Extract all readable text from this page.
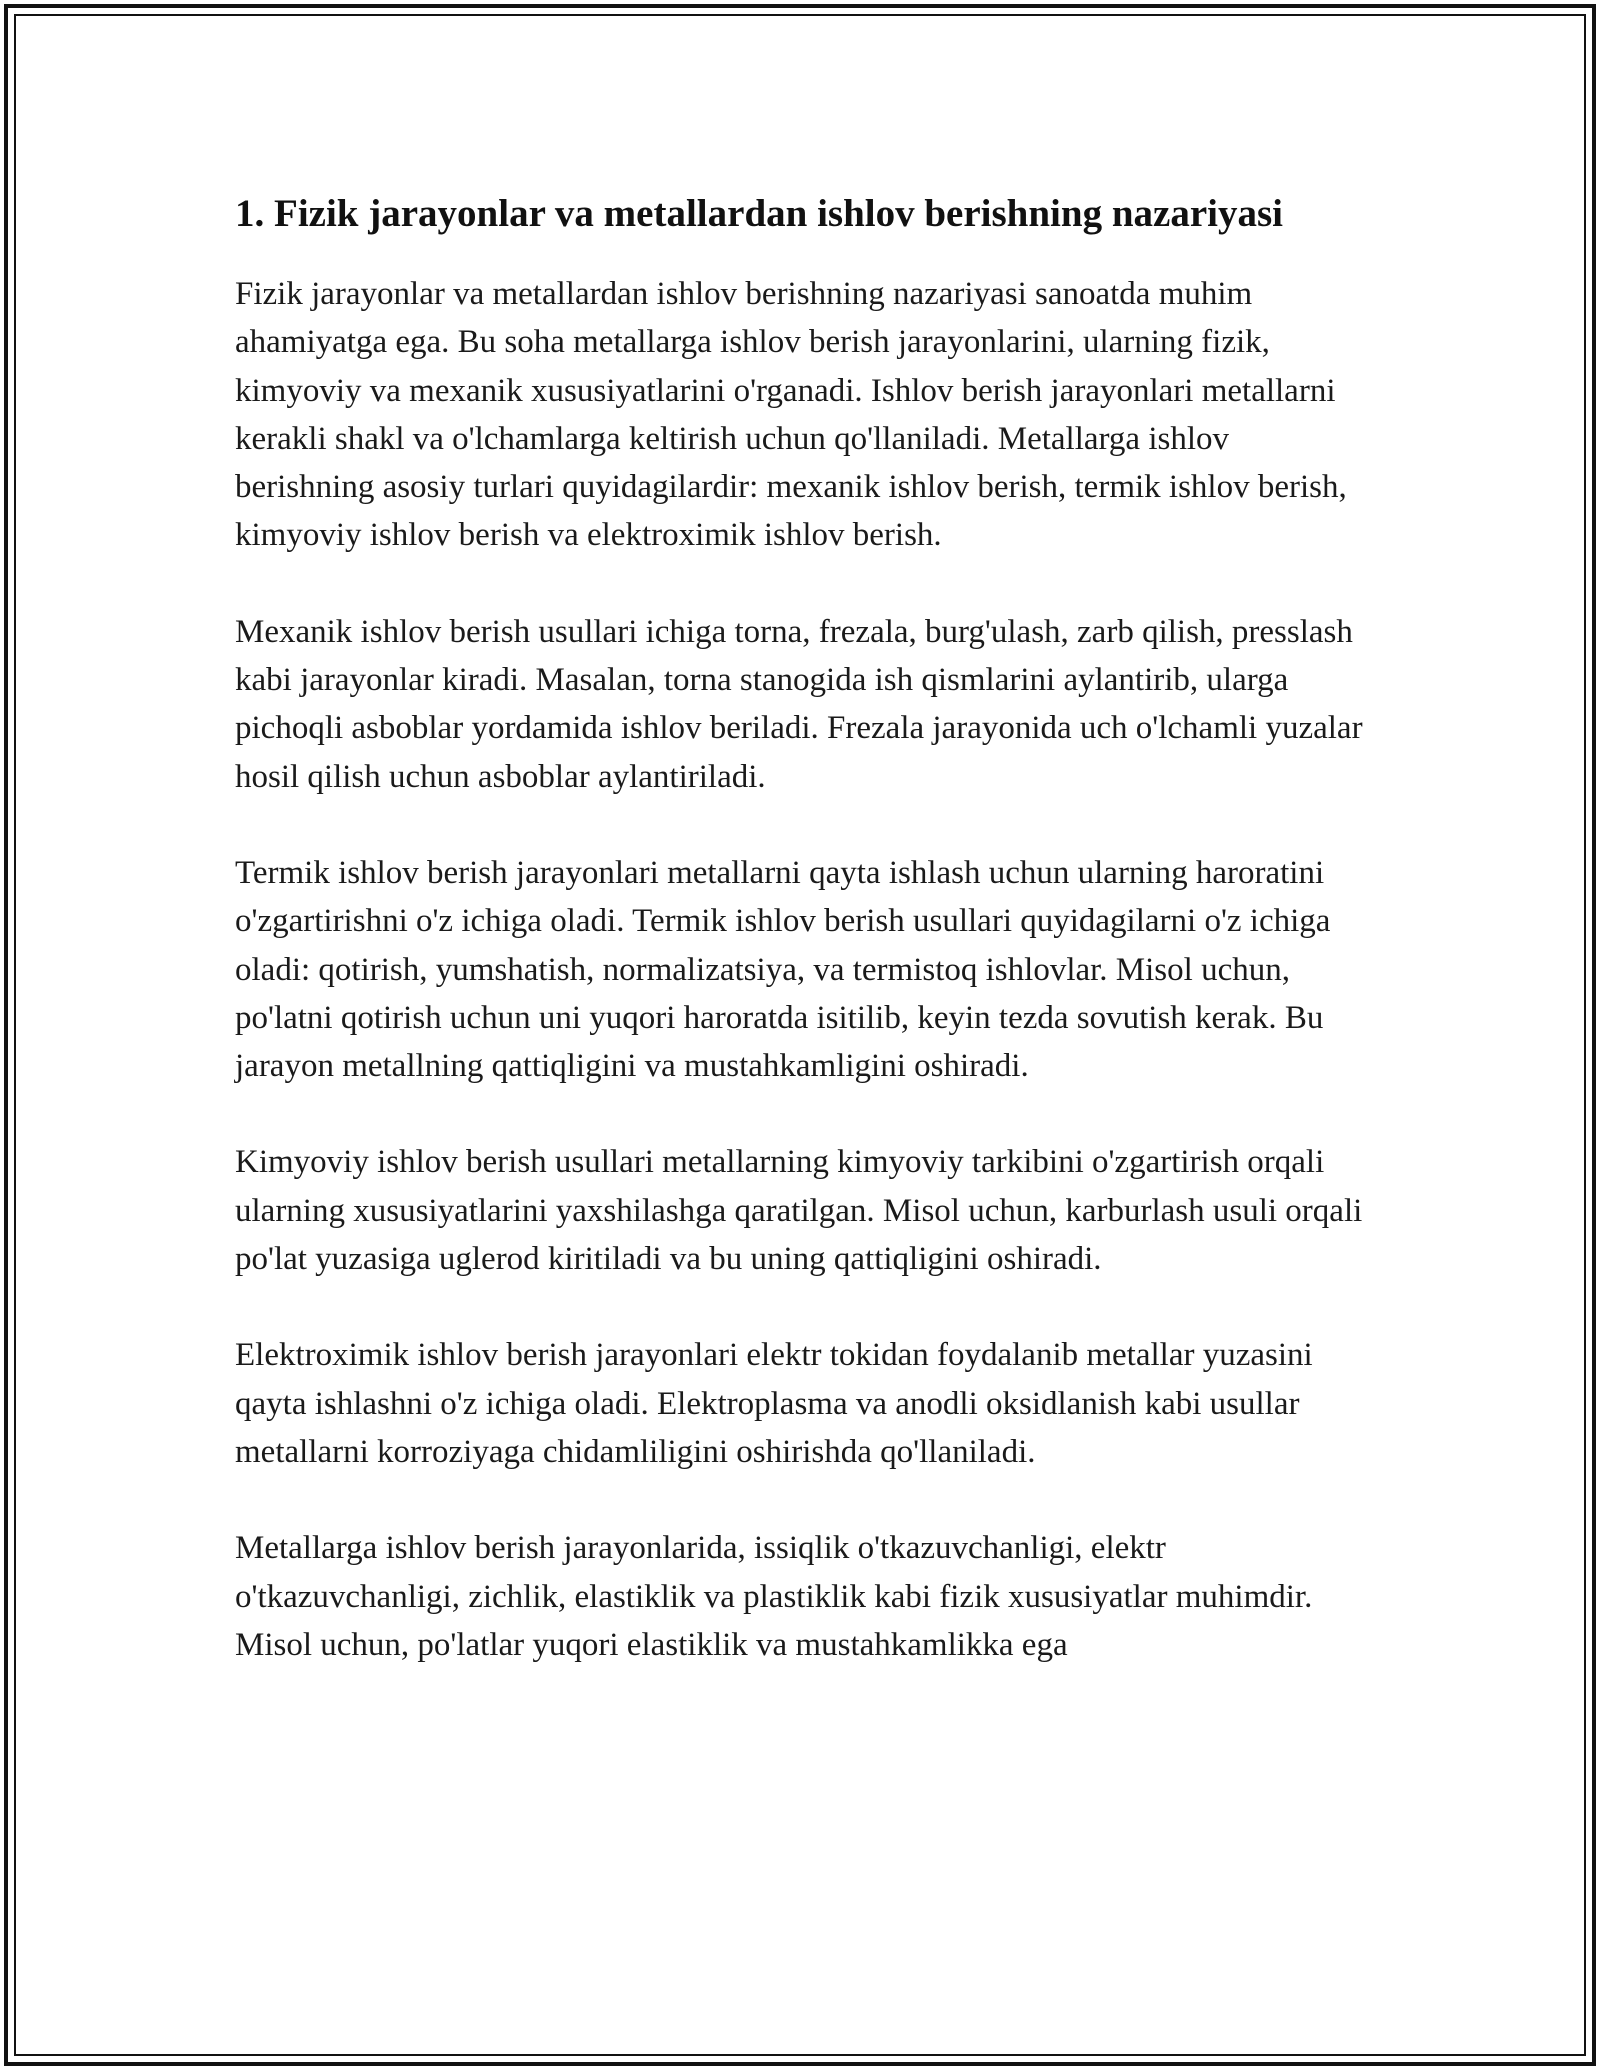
1. Fizik jarayonlar va metallardan ishlov berishning nazariyasi

Fizik jarayonlar va metallardan ishlov berishning nazariyasi sanoatda muhim ahamiyatga ega. Bu soha metallarga ishlov berish jarayonlarini, ularning fizik, kimyoviy va mexanik xususiyatlarini o'rganadi. Ishlov berish jarayonlari metallarni kerakli shakl va o'lchamlarga keltirish uchun qo'llaniladi. Metallarga ishlov berishning asosiy turlari quyidagilardir: mexanik ishlov berish, termik ishlov berish, kimyoviy ishlov berish va elektroximik ishlov berish.

Mexanik ishlov berish usullari ichiga torna, frezala, burg'ulash, zarb qilish, presslash kabi jarayonlar kiradi. Masalan, torna stanogida ish qismlarini aylantirib, ularga pichoqli asboblar yordamida ishlov beriladi. Frezala jarayonida uch o'lchamli yuzalar hosil qilish uchun asboblar aylantiriladi.

Termik ishlov berish jarayonlari metallarni qayta ishlash uchun ularning haroratini o'zgartirishni o'z ichiga oladi. Termik ishlov berish usullari quyidagilarni o'z ichiga oladi: qotirish, yumshatish, normalizatsiya, va termistoq ishlovlar. Misol uchun, po'latni qotirish uchun uni yuqori haroratda isitilib, keyin tezda sovutish kerak. Bu jarayon metallning qattiqligini va mustahkamligini oshiradi.

Kimyoviy ishlov berish usullari metallarning kimyoviy tarkibini o'zgartirish orqali ularning xususiyatlarini yaxshilashga qaratilgan. Misol uchun, karburlash usuli orqali po'lat yuzasiga uglerod kiritiladi va bu uning qattiqligini oshiradi.

Elektroximik ishlov berish jarayonlari elektr tokidan foydalanib metallar yuzasini qayta ishlashni o'z ichiga oladi. Elektroplasma va anodli oksidlanish kabi usullar metallarni korroziyaga chidamliligini oshirishda qo'llaniladi.

Metallarga ishlov berish jarayonlarida, issiqlik o'tkazuvchanligi, elektr o'tkazuvchanligi, zichlik, elastiklik va plastiklik kabi fizik xususiyatlar muhimdir. Misol uchun, po'latlar yuqori elastiklik va mustahkamlikka ega
